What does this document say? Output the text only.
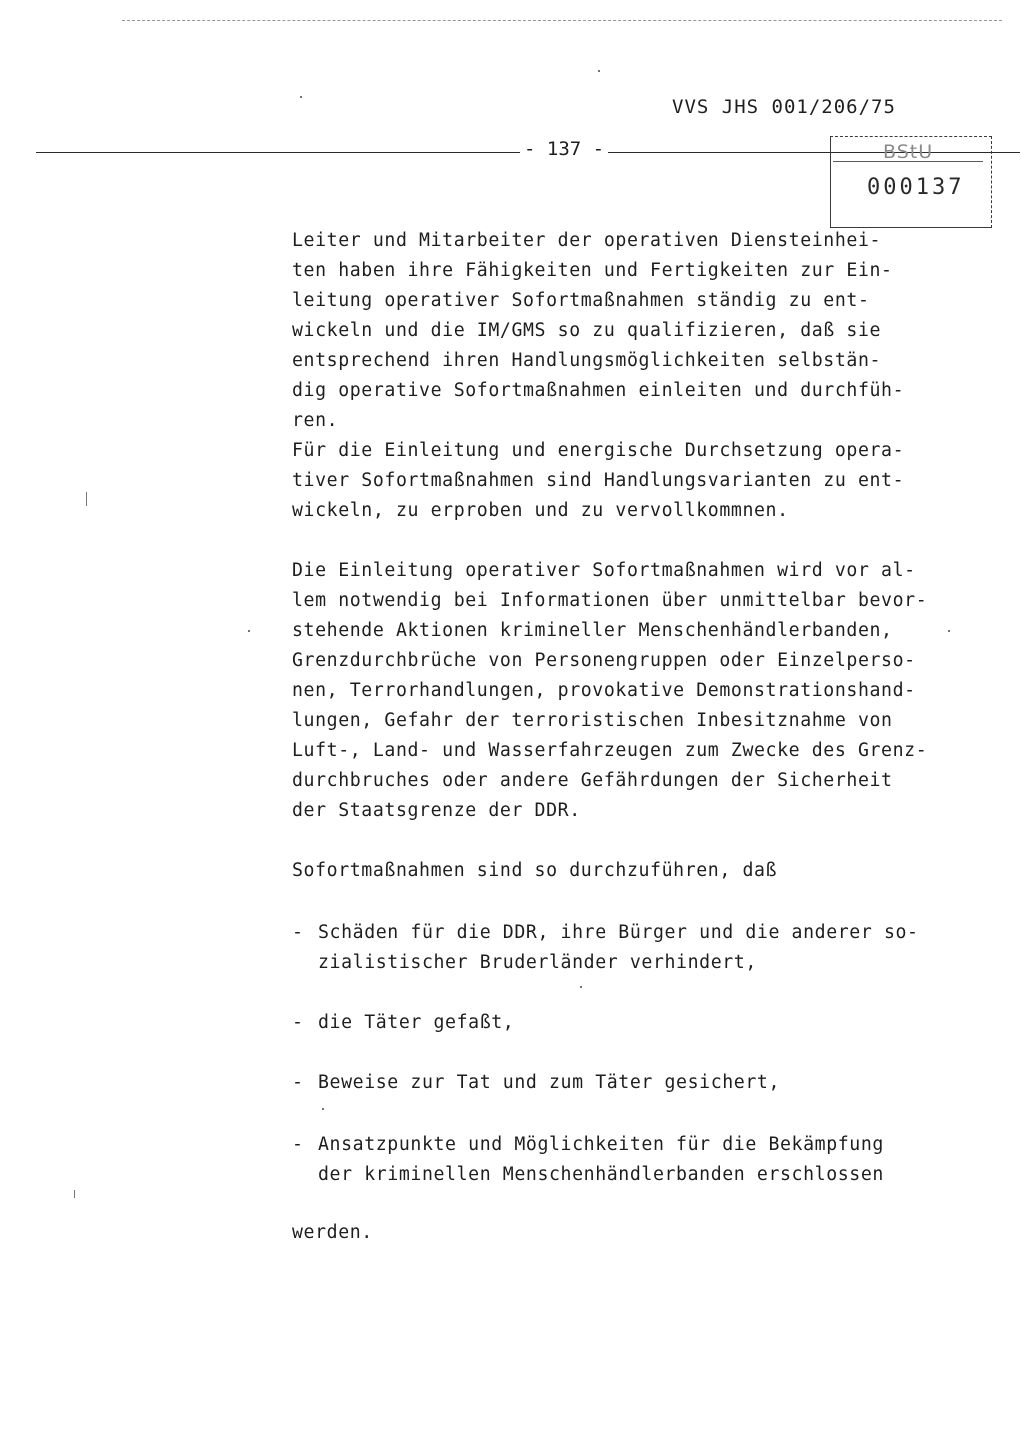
VVS JHS 001/206/75
- 137 -	BStU
000137
Leiter und Mitarbeiter der operativen Diensteinhei-
ten haben ihre Fähigkeiten und Fertigkeiten zur Ein-
leitung operativer Sofortmaßnahmen ständig zu ent-
wickeln und die IM/GMS so zu qualifizieren, daß sie
entsprechend ihren Handlungsmöglichkeiten selbstän-
dig operative Sofortmaßnahmen einleiten und durchfüh-
ren.
Für die Einleitung und energische Durchsetzung opera-
tiver Sofortmaßnahmen sind Handlungsvarianten zu ent-
wickeln, zu erproben und zu vervollkommnen.
Die Einleitung operativer Sofortmaßnahmen wird vor al-
lem notwendig bei Informationen über unmittelbar bevor-
stehende Aktionen krimineller Menschenhändlerbanden,
Grenzdurchbrüche von Personengruppen oder Einzelperso-
nen, Terrorhandlungen, provokative Demonstrationshand-
lungen, Gefahr der terroristischen Inbesitznahme von
Luft-, Land- und Wasserfahrzeugen zum Zwecke des Grenz-
durchbruches oder andere Gefährdungen der Sicherheit
der Staatsgrenze der DDR.
Sofortmaßnahmen sind so durchzuführen, daß
- Schäden für die DDR, ihre Bürger und die anderer so-
zialistischer Bruderländer verhindert,
- die Täter gefaßt,
- Beweise zur Tat und zum Täter gesichert,
- Ansatzpunkte und Möglichkeiten für die Bekämpfung
der kriminellen Menschenhändlerbanden erschlossen
werden.
